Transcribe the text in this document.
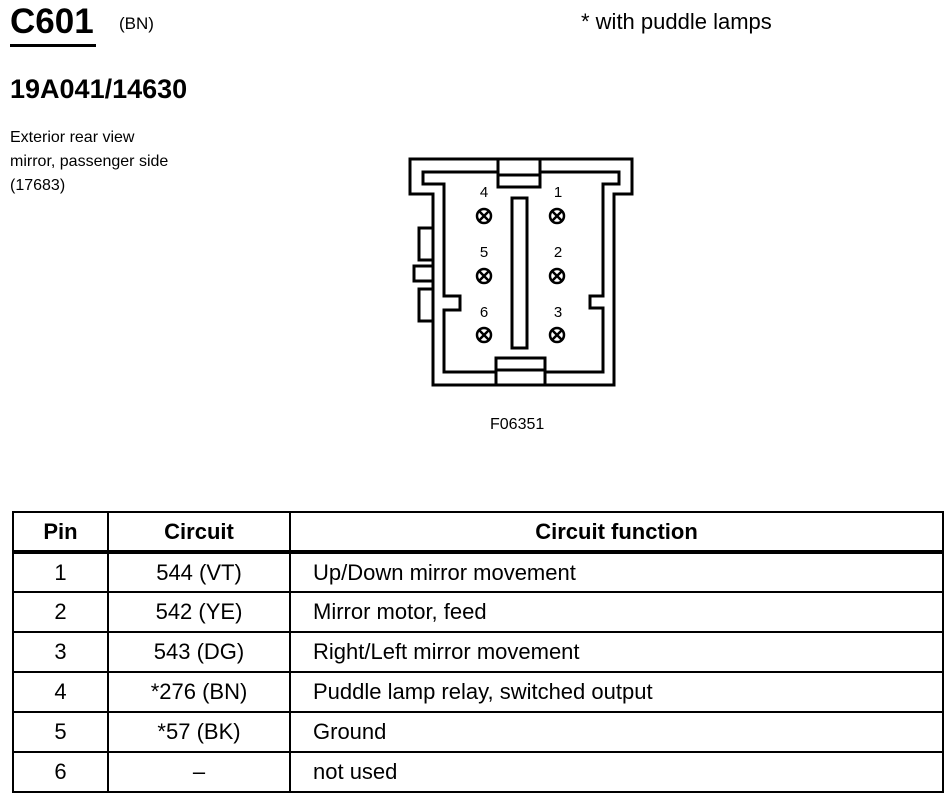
C601 (BN)	* with puddle lamps
19A041/14630
Exterior rear view mirror, passenger side (17683)	4	1
5	2
6	3
F06351
Pin	Circuit	Circuit function
1	544 (VT)	Up/Down mirror movement
2	542 (YE)	Mirror motor, feed
3	543 (DG)	Right/Left mirror movement
4	*276 (BN)	Puddle lamp relay, switched output
5	*57 (BK)	Ground
6	–	not used
